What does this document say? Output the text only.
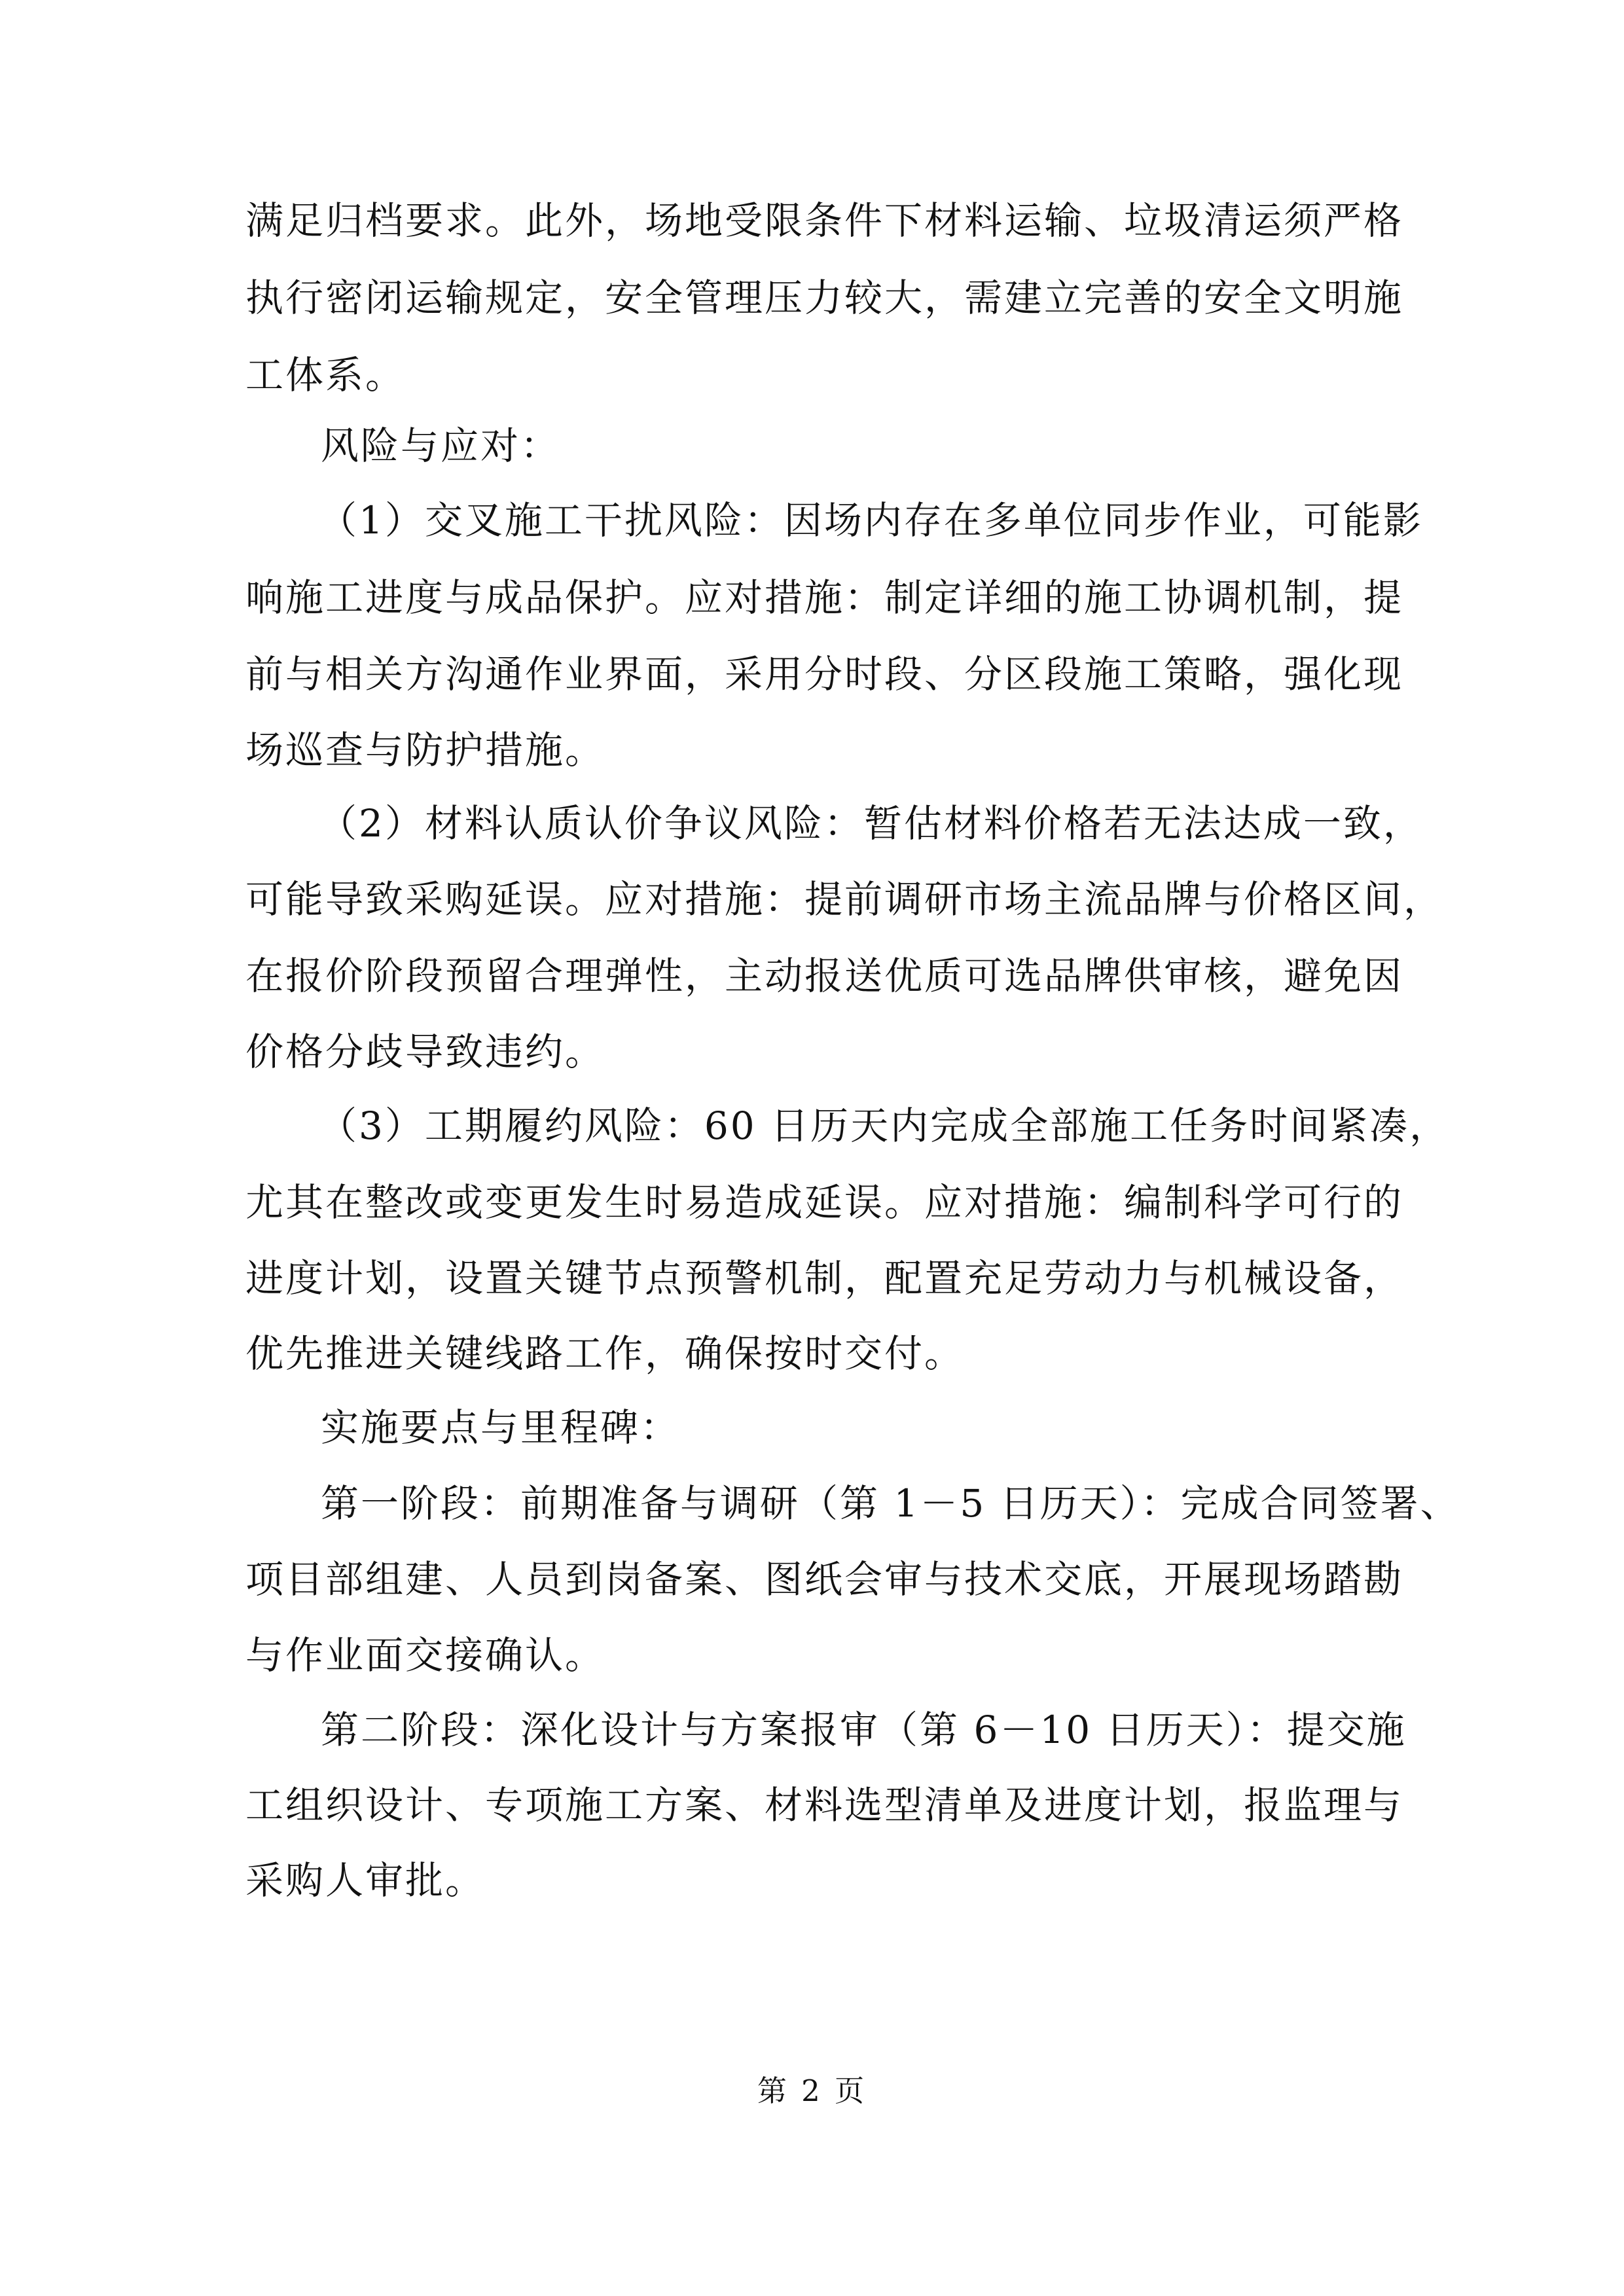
满足归档要求。此外，场地受限条件下材料运输、垃圾清运须严格
执行密闭运输规定，安全管理压力较大，需建立完善的安全文明施
工体系。
风险与应对：
（1）交叉施工干扰风险：因场内存在多单位同步作业，可能影
响施工进度与成品保护。应对措施：制定详细的施工协调机制，提
前与相关方沟通作业界面，采用分时段、分区段施工策略，强化现
场巡查与防护措施。
（2）材料认质认价争议风险：暂估材料价格若无法达成一致，
可能导致采购延误。应对措施：提前调研市场主流品牌与价格区间，
在报价阶段预留合理弹性，主动报送优质可选品牌供审核，避免因
价格分歧导致违约。
（3）工期履约风险：60 日历天内完成全部施工任务时间紧凑，
尤其在整改或变更发生时易造成延误。应对措施：编制科学可行的
进度计划，设置关键节点预警机制，配置充足劳动力与机械设备，
优先推进关键线路工作，确保按时交付。
实施要点与里程碑：
第一阶段：前期准备与调研（第 1－5 日历天）：完成合同签署、
项目部组建、人员到岗备案、图纸会审与技术交底，开展现场踏勘
与作业面交接确认。
第二阶段：深化设计与方案报审（第 6－10 日历天）：提交施
工组织设计、专项施工方案、材料选型清单及进度计划，报监理与
采购人审批。
第 2 页
